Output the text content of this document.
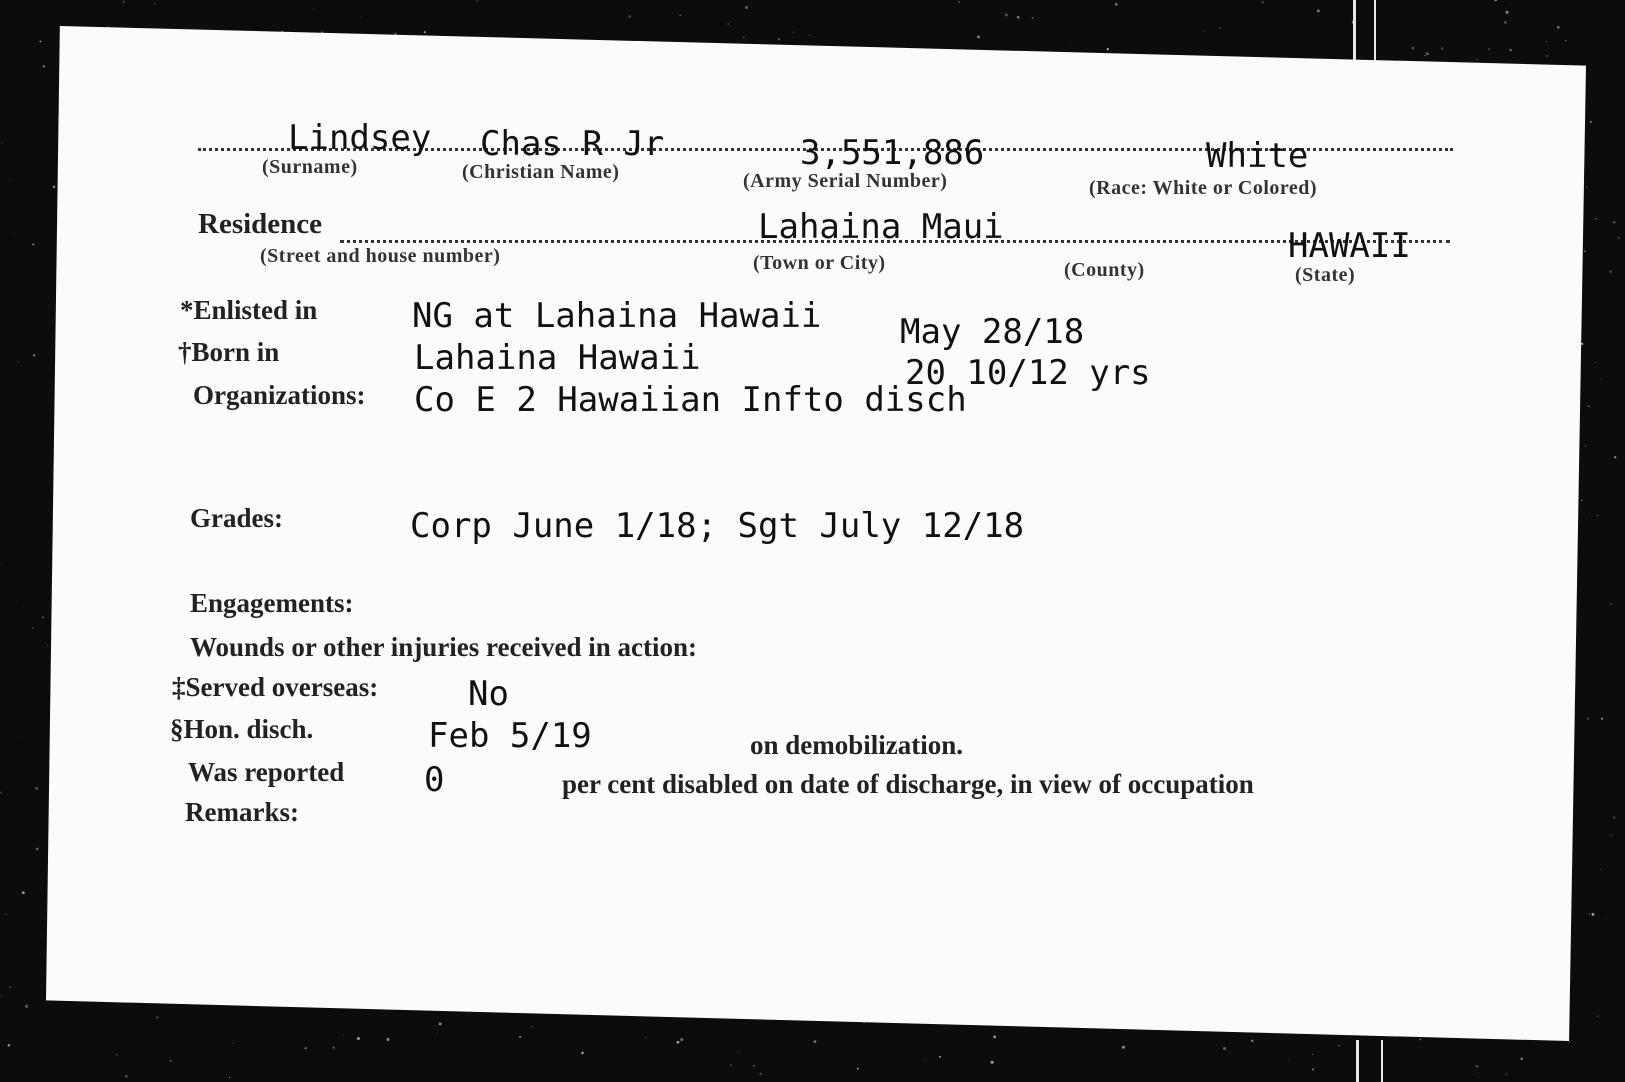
Lindsey Chas R Jr	3,551,886	White
(Surname)	(Christian Name)	(Army Serial Number)	(Race: White or Colored)
Residence	Lahaina Maui	HAWAII
(Street and house number)	(Town or City)	(County)	(State)
*Enlisted in	NG at Lahaina Hawaii May 28/18
†Born in	Lahaina Hawaii	20 10/12 yrs
Organizations: Co E 2 Hawaiian Infto disch
Grades:	Corp June 1/18; Sgt July 12/18
Engagements:
Wounds or other injuries received in action:
‡Served overseas:	No
§Hon. disch.	Feb 5/19	on demobilization.
Was reported 0	per cent disabled on date of discharge, in view of occupation
Remarks:
